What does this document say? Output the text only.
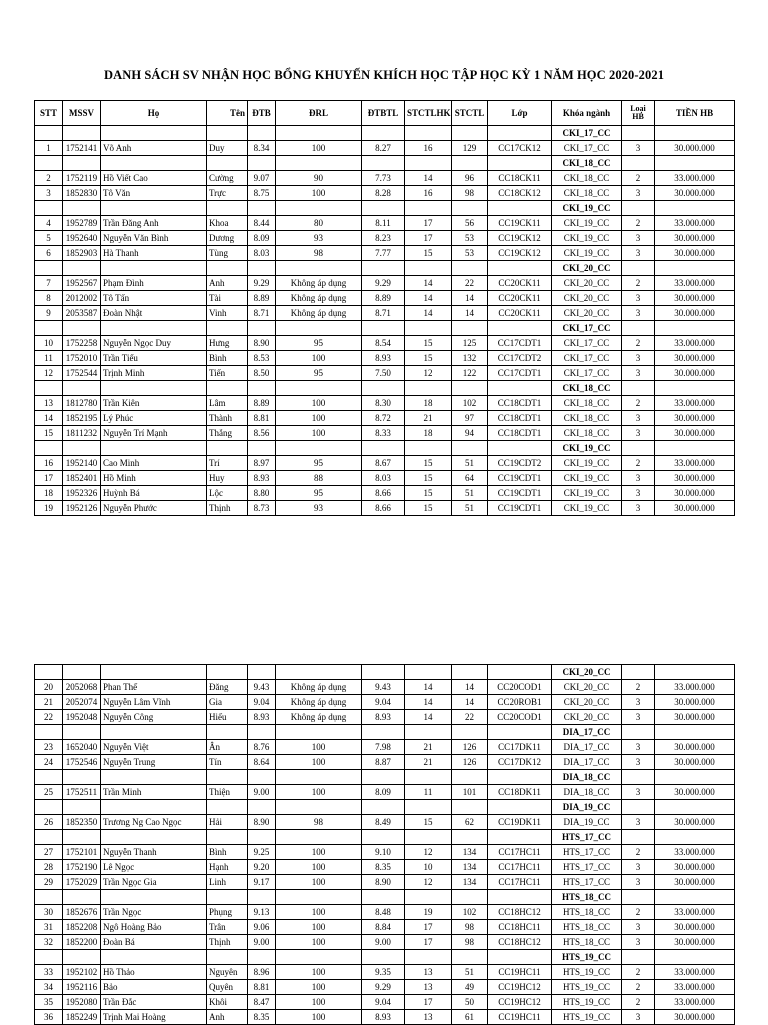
DANH SÁCH SV NHẬN HỌC BỔNG KHUYẾN KHÍCH HỌC TẬP HỌC KỲ 1 NĂM HỌC 2020-2021
STT	MSSV	Họ	Tên	ĐTB	ĐRL	ĐTBTL	STCTLHK	STCTL	Lớp	Khóa ngành	Loại
HB	TIỀN HB
										CKI_17_CC		
1	1752141	Võ Anh	Duy	8.34	100	8.27	16	129	CC17CK12	CKI_17_CC	3	30.000.000
										CKI_18_CC		
2	1752119	Hồ Viết Cao	Cường	9.07	90	7.73	14	96	CC18CK11	CKI_18_CC	2	33.000.000
3	1852830	Tô Văn	Trực	8.75	100	8.28	16	98	CC18CK12	CKI_18_CC	3	30.000.000
										CKI_19_CC		
4	1952789	Trần Đăng Anh	Khoa	8.44	80	8.11	17	56	CC19CK11	CKI_19_CC	2	33.000.000
5	1952640	Nguyễn Văn Bình	Dương	8.09	93	8.23	17	53	CC19CK12	CKI_19_CC	3	30.000.000
6	1852903	Hà Thanh	Tùng	8.03	98	7.77	15	53	CC19CK12	CKI_19_CC	3	30.000.000
										CKI_20_CC		
7	1952567	Phạm Đình	Anh	9.29	Không áp dụng	9.29	14	22	CC20CK11	CKI_20_CC	2	33.000.000
8	2012002	Tô Tấn	Tài	8.89	Không áp dụng	8.89	14	14	CC20CK11	CKI_20_CC	3	30.000.000
9	2053587	Đoàn Nhật	Vinh	8.71	Không áp dụng	8.71	14	14	CC20CK11	CKI_20_CC	3	30.000.000
										CKI_17_CC		
10	1752258	Nguyễn Ngọc Duy	Hưng	8.90	95	8.54	15	125	CC17CDT1	CKI_17_CC	2	33.000.000
11	1752010	Trần Tiểu	Bình	8.53	100	8.93	15	132	CC17CDT2	CKI_17_CC	3	30.000.000
12	1752544	Trịnh Minh	Tiến	8.50	95	7.50	12	122	CC17CDT1	CKI_17_CC	3	30.000.000
										CKI_18_CC		
13	1812780	Trần Kiên	Lâm	8.89	100	8.30	18	102	CC18CDT1	CKI_18_CC	2	33.000.000
14	1852195	Lý Phúc	Thành	8.81	100	8.72	21	97	CC18CDT1	CKI_18_CC	3	30.000.000
15	1811232	Nguyễn Trí Mạnh	Thắng	8.56	100	8.33	18	94	CC18CDT1	CKI_18_CC	3	30.000.000
										CKI_19_CC		
16	1952140	Cao Minh	Trí	8.97	95	8.67	15	51	CC19CDT2	CKI_19_CC	2	33.000.000
17	1852401	Hồ Minh	Huy	8.93	88	8.03	15	64	CC19CDT1	CKI_19_CC	3	30.000.000
18	1952326	Huỳnh Bá	Lộc	8.80	95	8.66	15	51	CC19CDT1	CKI_19_CC	3	30.000.000
19	1952126	Nguyễn Phước	Thịnh	8.73	93	8.66	15	51	CC19CDT1	CKI_19_CC	3	30.000.000
										CKI_20_CC		
20	2052068	Phan Thế	Đăng	9.43	Không áp dụng	9.43	14	14	CC20COD1	CKI_20_CC	2	33.000.000
21	2052074	Nguyễn Lâm Vĩnh	Gia	9.04	Không áp dụng	9.04	14	14	CC20ROB1	CKI_20_CC	3	30.000.000
22	1952048	Nguyễn Công	Hiếu	8.93	Không áp dụng	8.93	14	22	CC20COD1	CKI_20_CC	3	30.000.000
										DIA_17_CC		
23	1652040	Nguyễn Việt	Ân	8.76	100	7.98	21	126	CC17DK11	DIA_17_CC	3	30.000.000
24	1752546	Nguyễn Trung	Tín	8.64	100	8.87	21	126	CC17DK12	DIA_17_CC	3	30.000.000
										DIA_18_CC		
25	1752511	Trần Minh	Thiện	9.00	100	8.09	11	101	CC18DK11	DIA_18_CC	3	30.000.000
										DIA_19_CC		
26	1852350	Trương Ng Cao Ngọc	Hải	8.90	98	8.49	15	62	CC19DK11	DIA_19_CC	3	30.000.000
										HTS_17_CC		
27	1752101	Nguyễn Thanh	Bình	9.25	100	9.10	12	134	CC17HC11	HTS_17_CC	2	33.000.000
28	1752190	Lê Ngọc	Hạnh	9.20	100	8.35	10	134	CC17HC11	HTS_17_CC	3	30.000.000
29	1752029	Trần Ngọc Gia	Linh	9.17	100	8.90	12	134	CC17HC11	HTS_17_CC	3	30.000.000
										HTS_18_CC		
30	1852676	Trần Ngọc	Phụng	9.13	100	8.48	19	102	CC18HC12	HTS_18_CC	2	33.000.000
31	1852208	Ngô Hoàng Bảo	Trân	9.06	100	8.84	17	98	CC18HC11	HTS_18_CC	3	30.000.000
32	1852200	Đoàn Bá	Thịnh	9.00	100	9.00	17	98	CC18HC12	HTS_18_CC	3	30.000.000
										HTS_19_CC		
33	1952102	Hồ Thảo	Nguyên	8.96	100	9.35	13	51	CC19HC11	HTS_19_CC	2	33.000.000
34	1952116	Bảo	Quyên	8.81	100	9.29	13	49	CC19HC12	HTS_19_CC	2	33.000.000
35	1952080	Trần Đắc	Khôi	8.47	100	9.04	17	50	CC19HC12	HTS_19_CC	2	33.000.000
36	1852249	Trịnh Mai Hoàng	Anh	8.35	100	8.93	13	61	CC19HC11	HTS_19_CC	3	30.000.000
